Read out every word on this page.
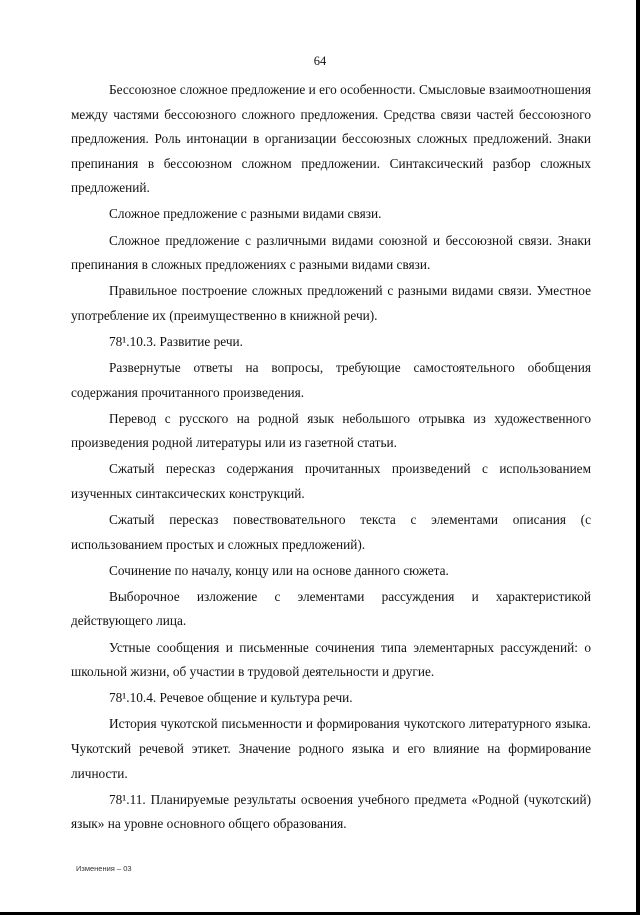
64

Бессоюзное сложное предложение и его особенности. Смысловые взаимоотношения между частями бессоюзного сложного предложения. Средства связи частей бессоюзного предложения. Роль интонации в организации бессоюзных сложных предложений. Знаки препинания в бессоюзном сложном предложении. Синтаксический разбор сложных предложений.

Сложное предложение с разными видами связи.

Сложное предложение с различными видами союзной и бессоюзной связи. Знаки препинания в сложных предложениях с разными видами связи.

Правильное построение сложных предложений с разными видами связи. Уместное употребление их (преимущественно в книжной речи).

78¹.10.3. Развитие речи.

Развернутые ответы на вопросы, требующие самостоятельного обобщения содержания прочитанного произведения.

Перевод с русского на родной язык небольшого отрывка из художественного произведения родной литературы или из газетной статьи.

Сжатый пересказ содержания прочитанных произведений с использованием изученных синтаксических конструкций.

Сжатый пересказ повествовательного текста с элементами описания (с использованием простых и сложных предложений).

Сочинение по началу, концу или на основе данного сюжета.

Выборочное изложение с элементами рассуждения и характеристикой действующего лица.

Устные сообщения и письменные сочинения типа элементарных рассуждений: о школьной жизни, об участии в трудовой деятельности и другие.

78¹.10.4. Речевое общение и культура речи.

История чукотской письменности и формирования чукотского литературного языка. Чукотский речевой этикет. Значение родного языка и его влияние на формирование личности.

78¹.11. Планируемые результаты освоения учебного предмета «Родной (чукотский) язык» на уровне основного общего образования.

Изменения – 03
